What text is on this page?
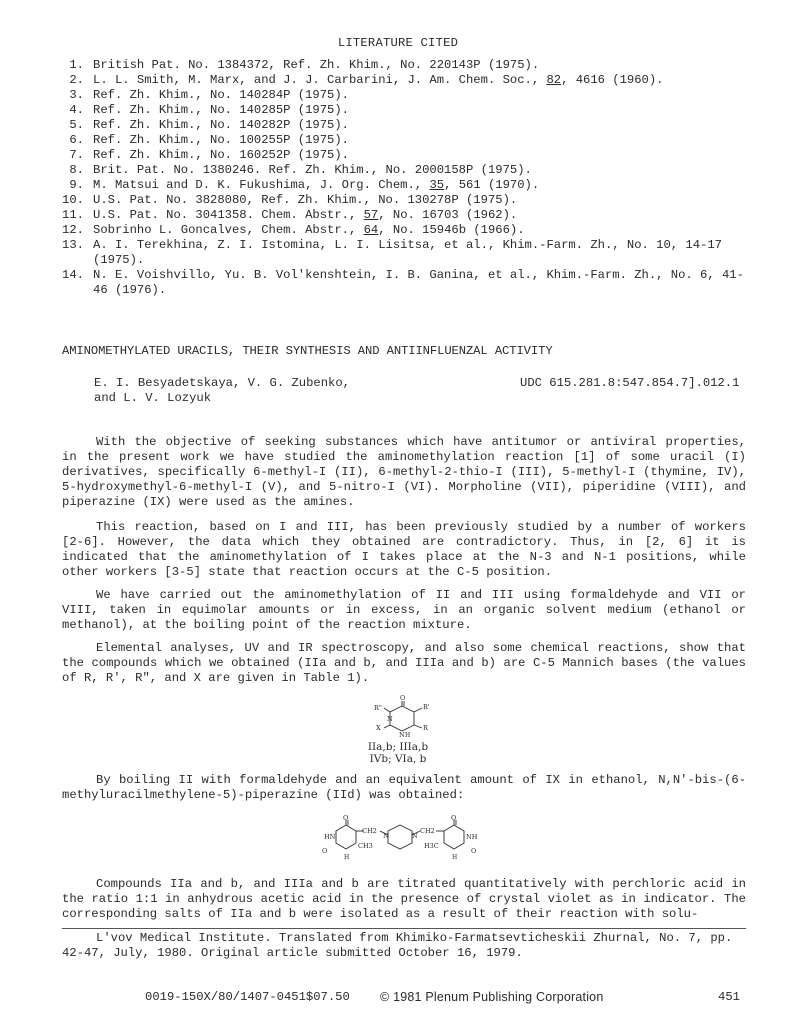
LITERATURE CITED
1. British Pat. No. 1384372, Ref. Zh. Khim., No. 220143P (1975).
2. L. L. Smith, M. Marx, and J. J. Carbarini, J. Am. Chem. Soc., 82, 4616 (1960).
3. Ref. Zh. Khim., No. 140284P (1975).
4. Ref. Zh. Khim., No. 140285P (1975).
5. Ref. Zh. Khim., No. 140282P (1975).
6. Ref. Zh. Khim., No. 100255P (1975).
7. Ref. Zh. Khim., No. 160252P (1975).
8. Brit. Pat. No. 1380246. Ref. Zh. Khim., No. 2000158P (1975).
9. M. Matsui and D. K. Fukushima, J. Org. Chem., 35, 561 (1970).
10. U.S. Pat. No. 3828080, Ref. Zh. Khim., No. 130278P (1975).
11. U.S. Pat. No. 3041358. Chem. Abstr., 57, No. 16703 (1962).
12. Sobrinho L. Goncalves, Chem. Abstr., 64, No. 15946b (1966).
13. A. I. Terekhina, Z. I. Istomina, L. I. Lisitsa, et al., Khim.-Farm. Zh., No. 10, 14-17 (1975).
14. N. E. Voishvillo, Yu. B. Vol'kenshtein, I. B. Ganina, et al., Khim.-Farm. Zh., No. 6, 41-46 (1976).
AMINOMETHYLATED URACILS, THEIR SYNTHESIS AND ANTIINFLUENZAL ACTIVITY
E. I. Besyadetskaya, V. G. Zubenko,
and L. V. Lozyuk
UDC 615.281.8:547.854.7].012.1

With the objective of seeking substances which have antitumor or antiviral properties, in the present work we have studied the aminomethylation reaction [1] of some uracil (I) derivatives, specifically 6-methyl-I (II), 6-methyl-2-thio-I (III), 5-methyl-I (thymine, IV), 5-hydroxymethyl-6-methyl-I (V), and 5-nitro-I (VI). Morpholine (VII), piperidine (VIII), and piperazine (IX) were used as the amines.

This reaction, based on I and III, has been previously studied by a number of workers [2-6]. However, the data which they obtained are contradictory. Thus, in [2, 6] it is indicated that the aminomethylation of I takes place at the N-3 and N-1 positions, while other workers [3-5] state that reaction occurs at the C-5 position.

We have carried out the aminomethylation of II and III using formaldehyde and VII or VIII, taken in equimolar amounts or in excess, in an organic solvent medium (ethanol or methanol), at the boiling point of the reaction mixture.

Elemental analyses, UV and IR spectroscopy, and also some chemical reactions, show that the compounds which we obtained (IIa and b, and IIIa and b) are C-5 Mannich bases (the values of R, R', R", and X are given in Table 1).

R"
O
R'
R
X
N
N H
IIa,b; IIIa,b
IVb; VIa, b

By boiling II with formaldehyde and an equivalent amount of IX in ethanol, N,N'-bis-(6-methyluracilmethylene-5)-piperazine (IId) was obtained:

O
O
HN	NH
CH2
N	N
CH2
O
O
CH3	H3C
H	H

Compounds IIa and b, and IIIa and b are titrated quantitatively with perchloric acid in the ratio 1:1 in anhydrous acetic acid in the presence of crystal violet as in indicator. The corresponding salts of IIa and b were isolated as a result of their reaction with solu-

L'vov Medical Institute. Translated from Khimiko-Farmatsevticheskii Zhurnal, No. 7, pp. 42-47, July, 1980. Original article submitted October 16, 1979.

0019-150X/80/1407-0451$07.50 © 1981 Plenum Publishing Corporation	451
